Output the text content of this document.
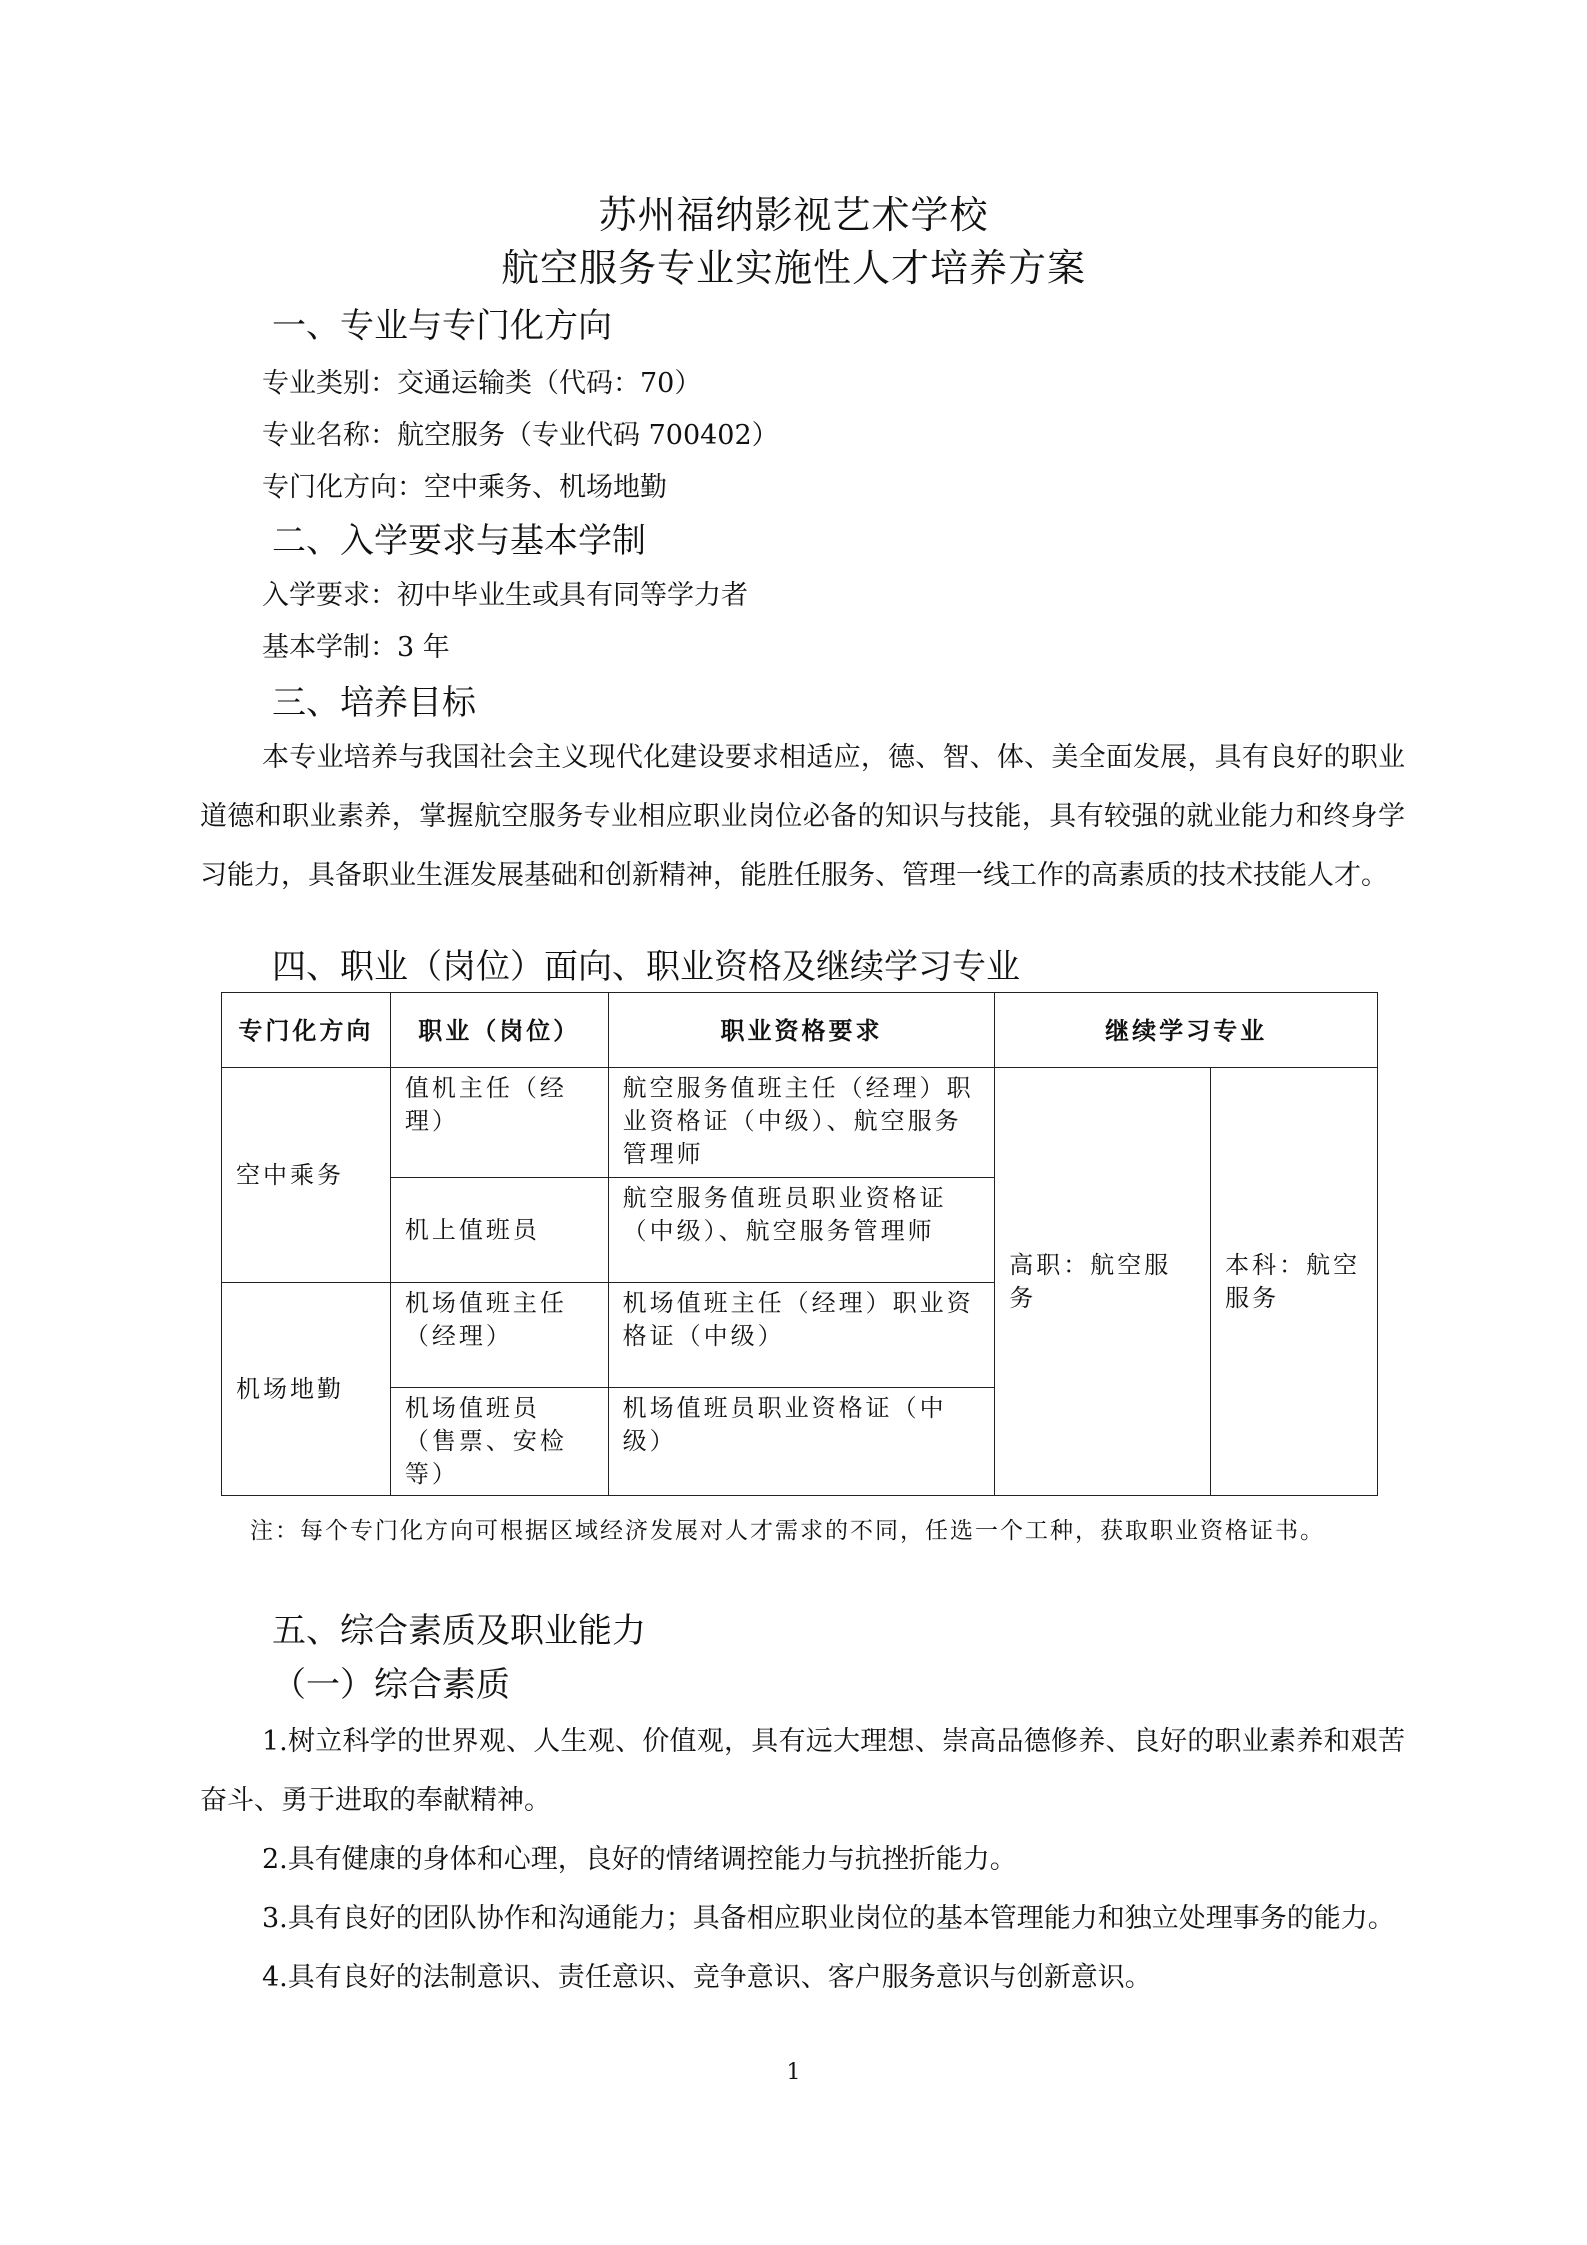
苏州福纳影视艺术学校
航空服务专业实施性人才培养方案
一、专业与专门化方向
专业类别：交通运输类（代码：70）
专业名称：航空服务（专业代码 700402）
专门化方向：空中乘务、机场地勤
二、入学要求与基本学制
入学要求：初中毕业生或具有同等学力者
基本学制：3 年
三、培养目标

本专业培养与我国社会主义现代化建设要求相适应，德、智、体、美全面发展，具有良好的职业道德和职业素养，掌握航空服务专业相应职业岗位必备的知识与技能，具有较强的就业能力和终身学习能力，具备职业生涯发展基础和创新精神，能胜任服务、管理一线工作的高素质的技术技能人才。

四、职业（岗位）面向、职业资格及继续学习专业
专门化方向	职业（岗位）	职业资格要求	继续学习专业	
空中乘务	值机主任（经理）	航空服务值班主任（经理）职业资格证（中级）、航空服务管理师	高职：航空服务	本科：航空服务
	机上值班员	航空服务值班员职业资格证（中级）、航空服务管理师		
机场地勤	机场值班主任（经理）	机场值班主任（经理）职业资格证（中级）		
	机场值班员（售票、安检等）	机场值班员职业资格证（中级）		

注：每个专门化方向可根据区域经济发展对人才需求的不同，任选一个工种，获取职业资格证书。

五、综合素质及职业能力
（一）综合素质

1.树立科学的世界观、人生观、价值观，具有远大理想、崇高品德修养、良好的职业素养和艰苦奋斗、勇于进取的奉献精神。

2.具有健康的身体和心理，良好的情绪调控能力与抗挫折能力。

3.具有良好的团队协作和沟通能力；具备相应职业岗位的基本管理能力和独立处理事务的能力。

4.具有良好的法制意识、责任意识、竞争意识、客户服务意识与创新意识。

1
